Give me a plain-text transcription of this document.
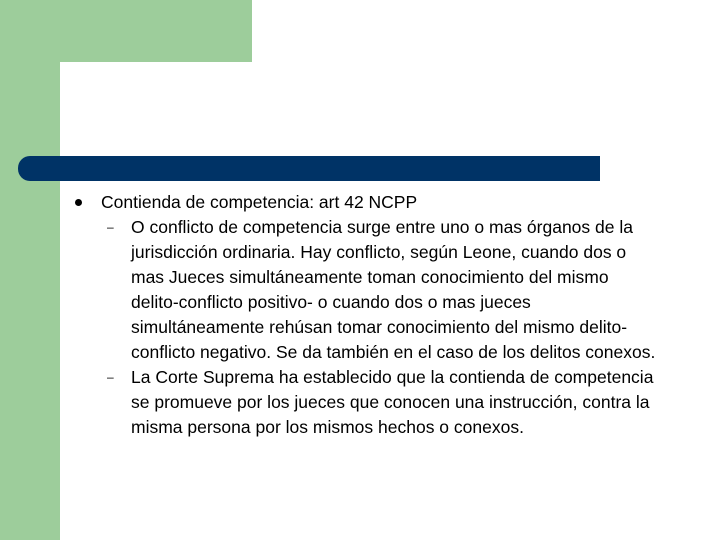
Contienda de competencia: art 42 NCPP
– O conflicto de competencia surge entre uno o mas órganos de la jurisdicción ordinaria. Hay conflicto, según Leone, cuando dos o mas Jueces simultáneamente toman conocimiento del mismo delito-conflicto positivo- o cuando dos o mas jueces simultáneamente rehúsan tomar conocimiento del mismo delito-conflicto negativo. Se da también en el caso de los delitos conexos.
– La Corte Suprema ha establecido que la contienda de competencia se promueve por los jueces que conocen una instrucción, contra la misma persona por los mismos hechos o conexos.
